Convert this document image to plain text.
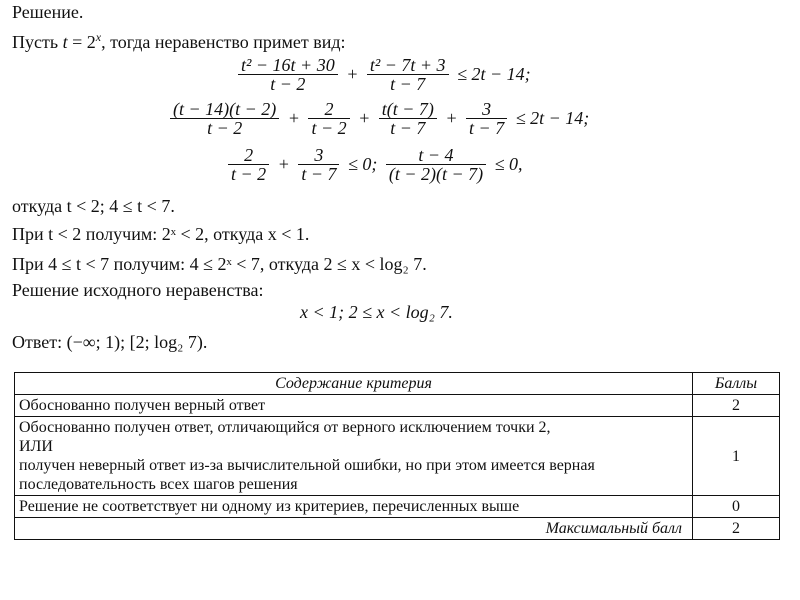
Решение.
Пусть $t = 2^x$, тогда неравенство примет вид:
$\frac{\text{t² − 16t + 30}}{t - 2} + \frac{\text{t² − 7t + 3}}{t - 7} \le 2t - 14$;
$\frac{(t - 14)(t - 2)}{t - 2} + \frac{2}{t - 2} + \frac{t(t - 7)}{t - 7} + \frac{3}{t - 7} \le 2t - 14$;
$\frac{2}{t - 2} + \frac{3}{t - 7} \le 0$; $\frac{t - 4}{(t - 2)(t - 7)} \le 0$,
откуда t < 2; 4 ≤ t < 7.
При t < 2 получим: 2ˣ < 2, откуда x < 1.
При 4 ≤ t < 7 получим: 4 ≤ 2ˣ < 7, откуда 2 ≤ x < log₂ 7.
Решение исходного неравенства:
x < 1; 2 ≤ x < log₂ 7.
Ответ: (−∞; 1); [2; log₂ 7).
Содержание критерия	Баллы
Обоснованно получен верный ответ	2

Обоснованно получен ответ, отличающийся от верного исключением точки 2,
ИЛИ
получен неверный ответ из-за вычислительной ошибки, но при этом имеется верная последовательность всех шагов решения	1
Решение не соответствует ни одному из критериев, перечисленных выше	0
Максимальный балл	2
